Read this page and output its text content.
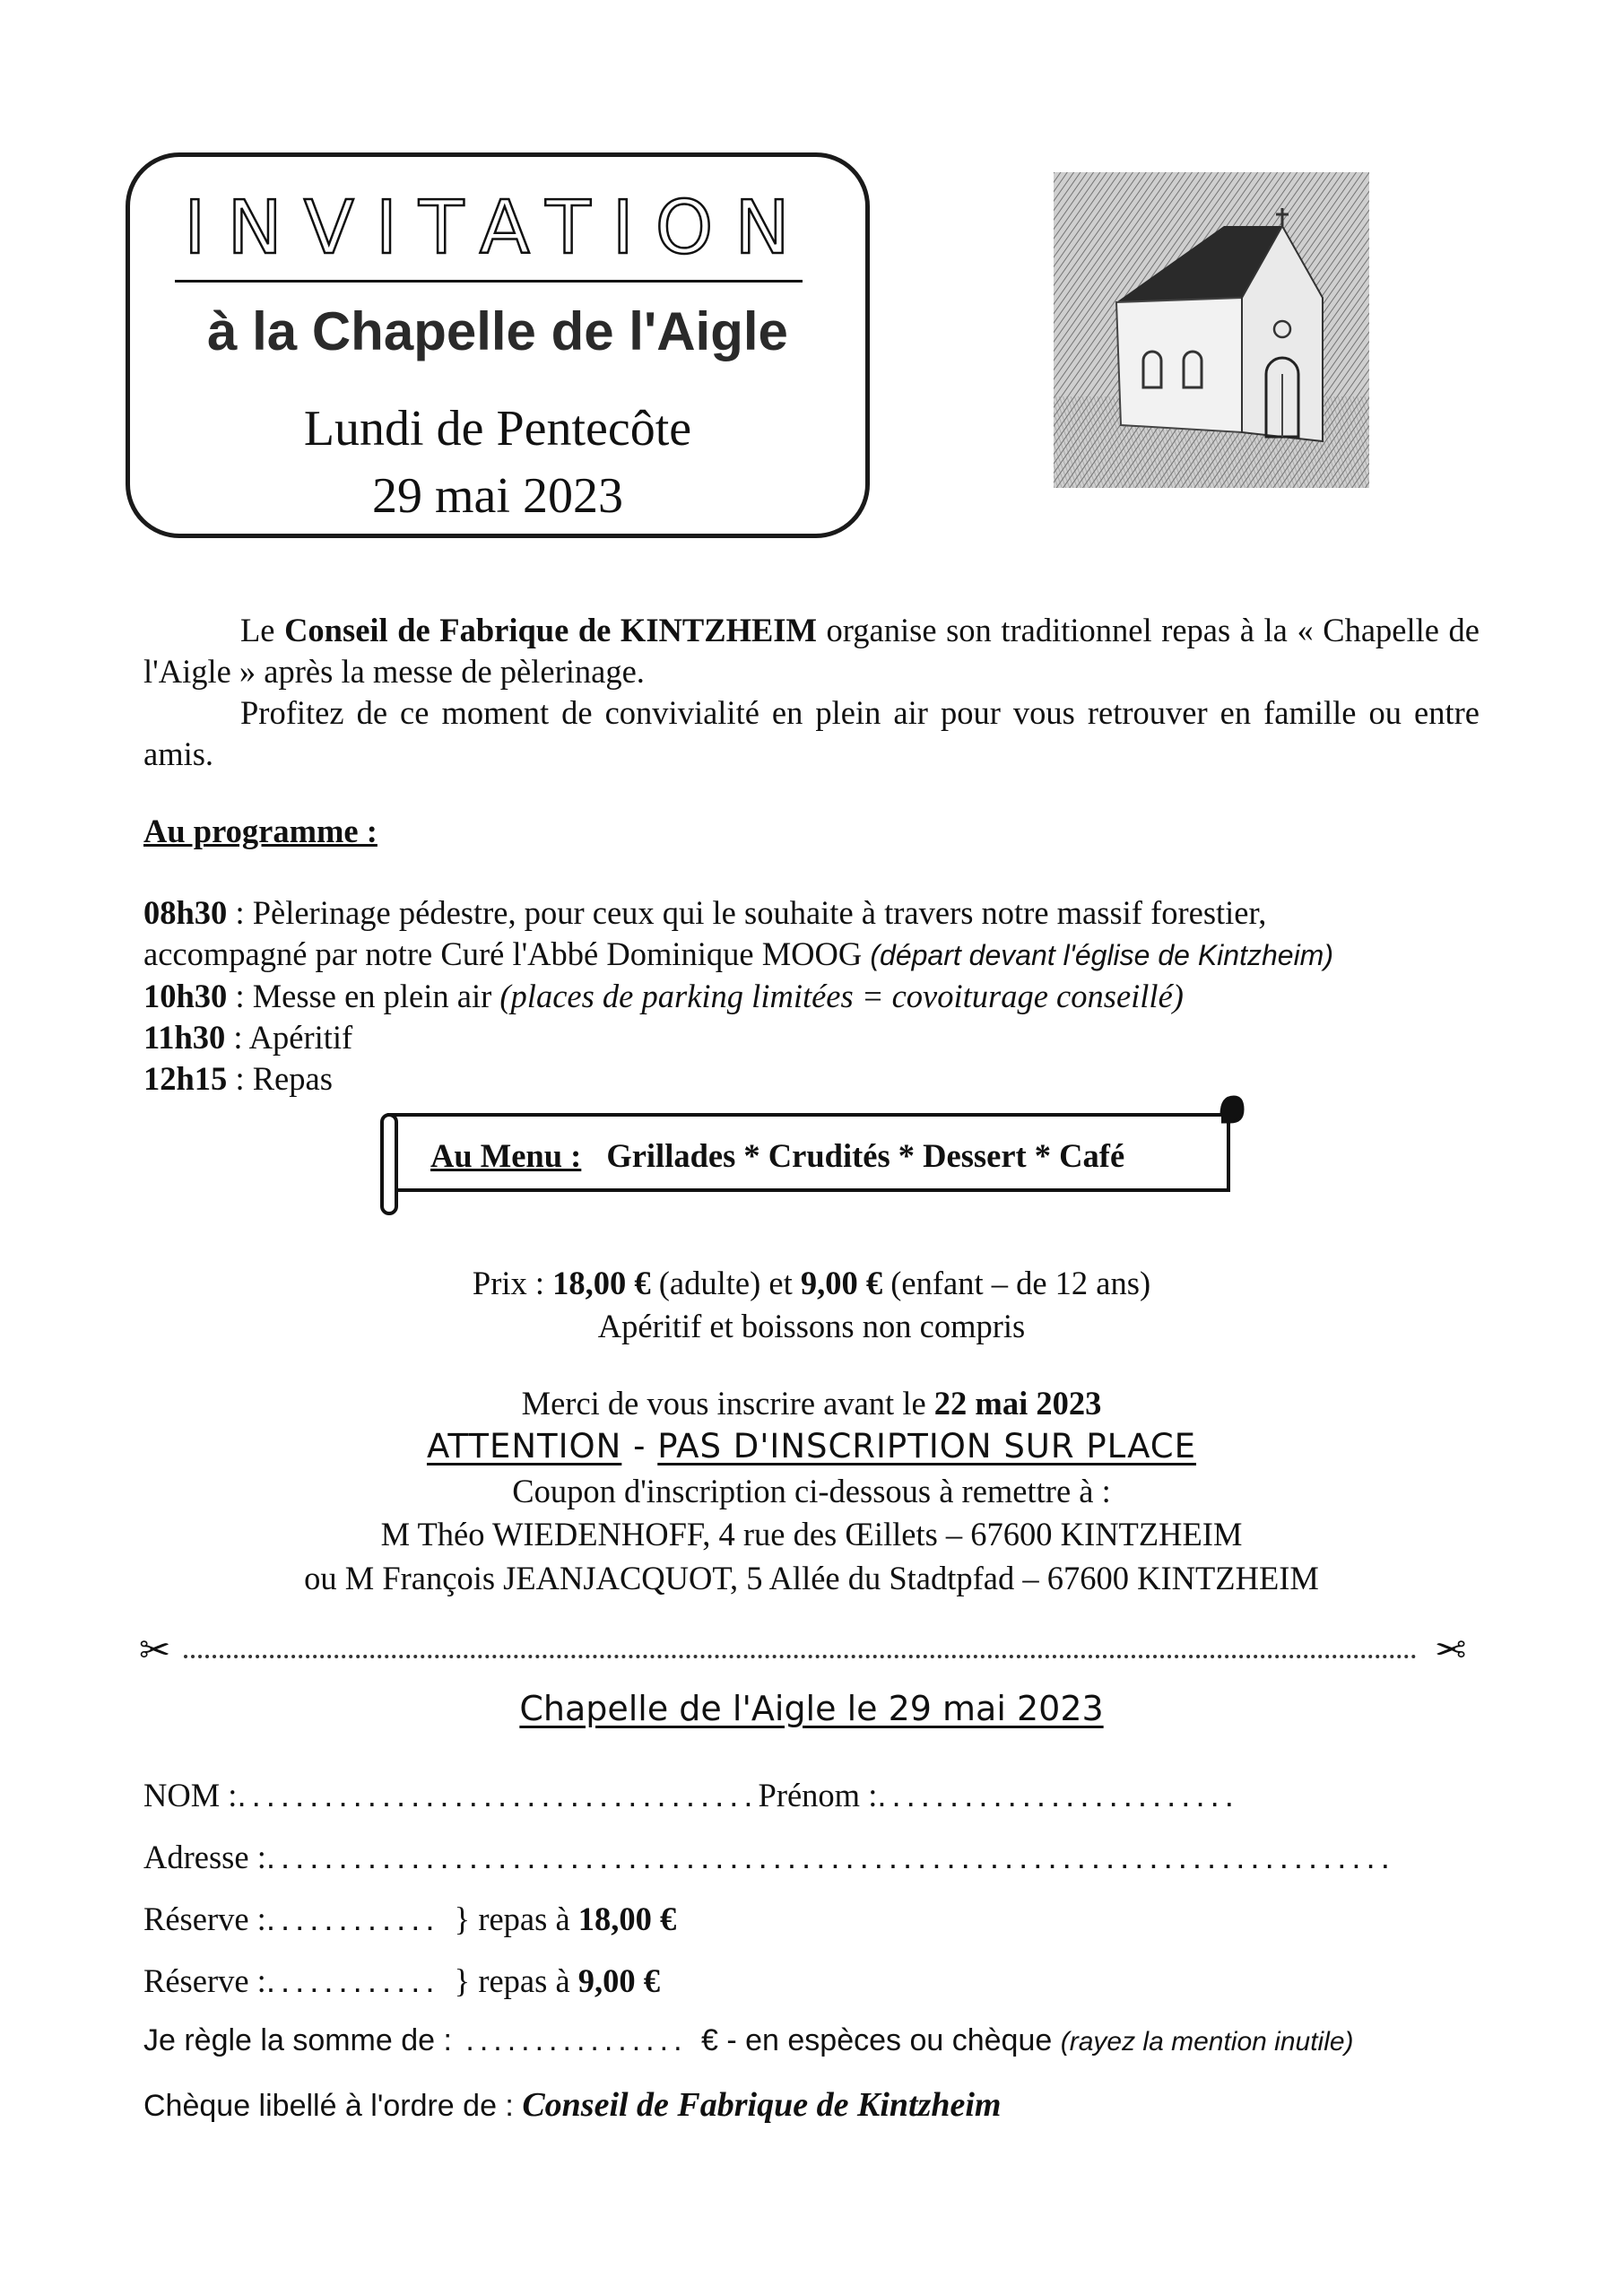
INVITATION
à la Chapelle de l'Aigle
Lundi de Pentecôte
29 mai 2023
Le Conseil de Fabrique de KINTZHEIM organise son traditionnel repas à la « Chapelle de l'Aigle » après la messe de pèlerinage.
Profitez de ce moment de convivialité en plein air pour vous retrouver en famille ou entre amis.
Au programme :
08h30 : Pèlerinage pédestre, pour ceux qui le souhaite à travers notre massif forestier,
accompagné par notre Curé l'Abbé Dominique MOOG (départ devant l'église de Kintzheim)
10h30 : Messe en plein air (places de parking limitées = covoiturage conseillé)
11h30 : Apéritif
12h15 : Repas
Au Menu : Grillades * Crudités * Dessert * Café
Prix : 18,00 € (adulte) et 9,00 € (enfant – de 12 ans)
Apéritif et boissons non compris
Merci de vous inscrire avant le 22 mai 2023
ATTENTION - PAS D'INSCRIPTION SUR PLACE
Coupon d'inscription ci-dessous à remettre à :
M Théo WIEDENHOFF, 4 rue des Œillets – 67600 KINTZHEIM
ou M François JEANJACQUOT, 5 Allée du Stadtpfad – 67600 KINTZHEIM
✂	✂
Chapelle de l'Aigle le 29 mai 2023
NOM :....................................Prénom :.........................
Adresse :..............................................................................
Réserve :............ } repas à 18,00 €
Réserve :............ } repas à 9,00 €
Je règle la somme de : ................ € - en espèces ou chèque (rayez la mention inutile)
Chèque libellé à l'ordre de : Conseil de Fabrique de Kintzheim
